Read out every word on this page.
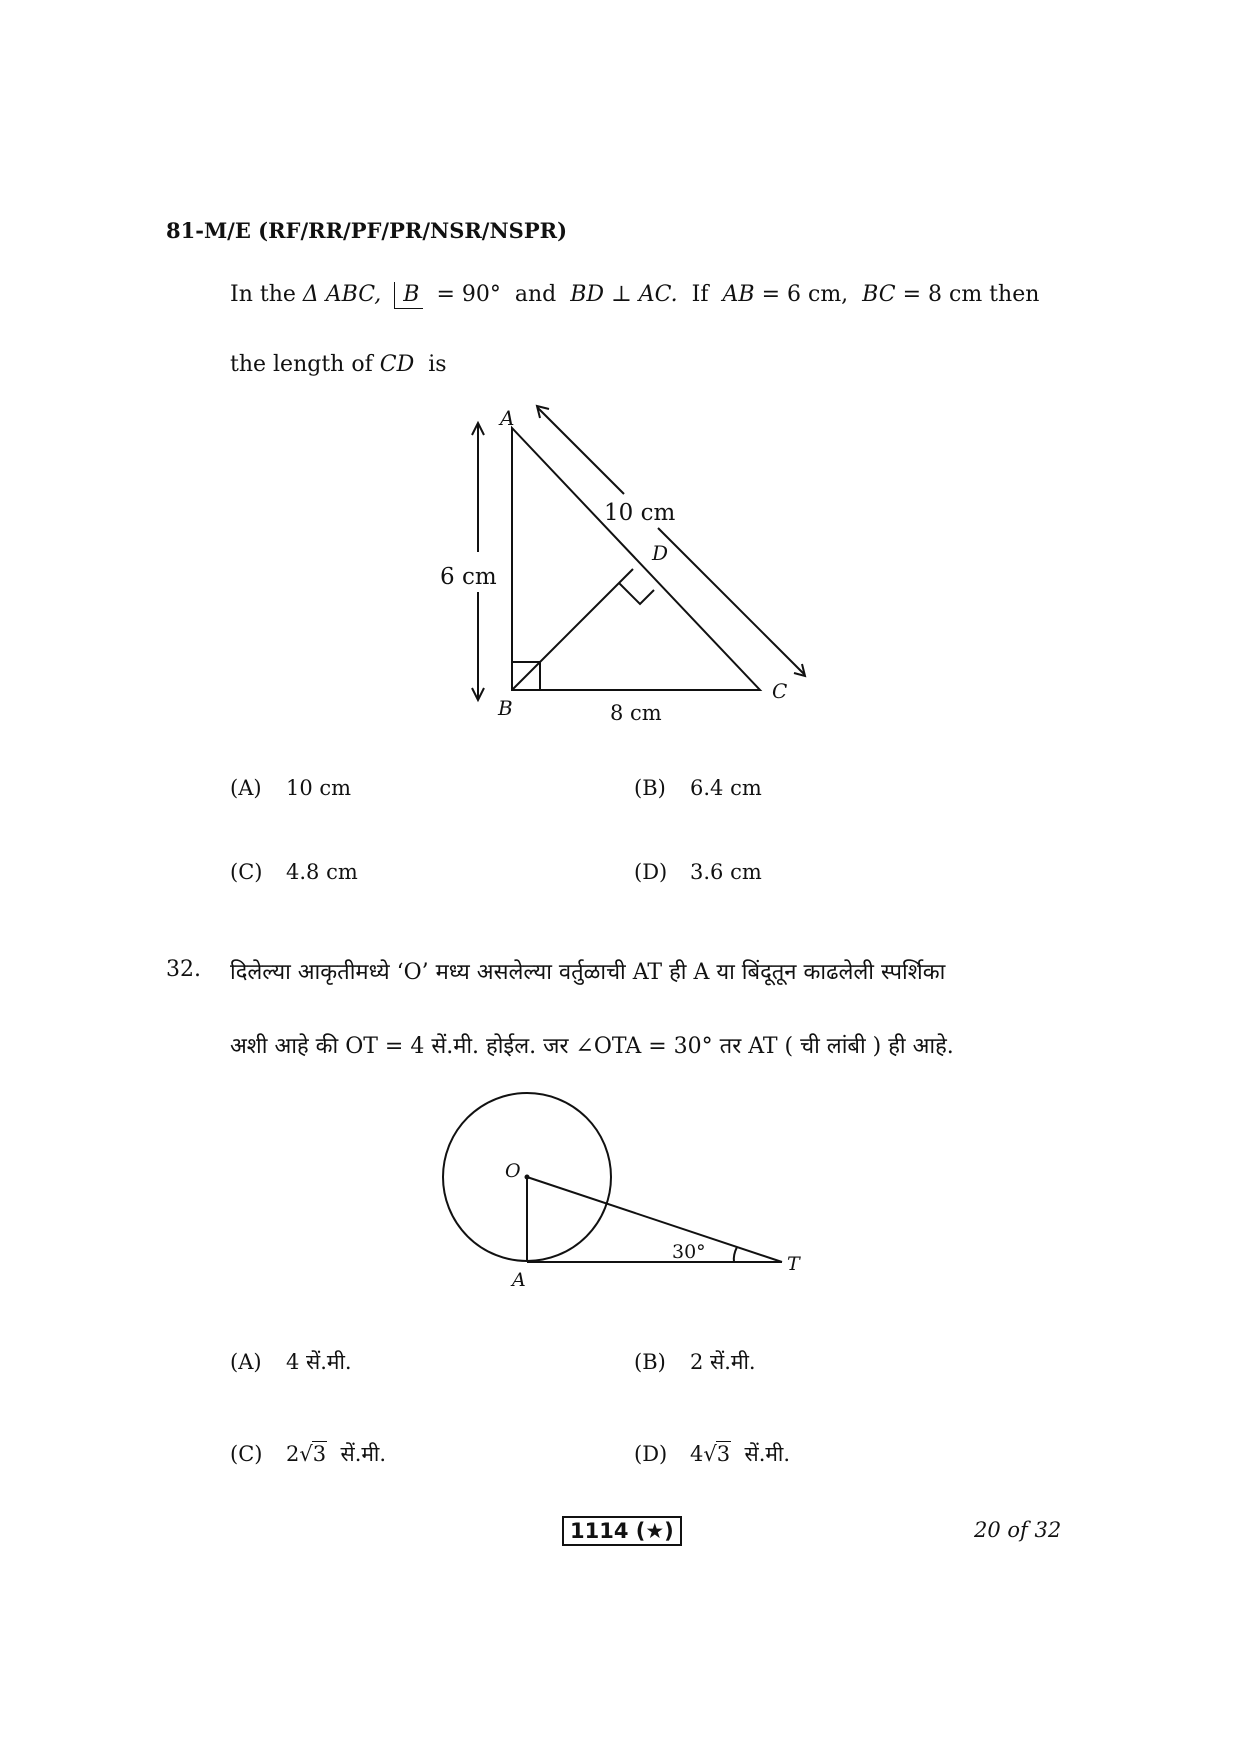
81-M/E (RF/RR/PF/PR/NSR/NSPR)
In the Δ ABC, B = 90° and BD ⊥ AC. If AB = 6 cm, BC = 8 cm then
the length of CD is
A
B
C
D
6 cm
8 cm
10 cm
(A) 10 cm	(B) 6.4 cm
(C) 4.8 cm	(D) 3.6 cm
32. दिलेल्या आकृतीमध्ये ‘O’ मध्य असलेल्या वर्तुळाची AT ही A या बिंदूतून काढलेली स्पर्शिका
अशी आहे की OT = 4 सें.मी. होईल. जर ∠OTA = 30° तर AT ( ची लांबी ) ही आहे.
O
A
T
30°
(A) 4 सें.मी.	(B) 2 सें.मी.
(C) 2√3 सें.मी.	(D) 4√3 सें.मी.
1114 (★)	20 of 32
